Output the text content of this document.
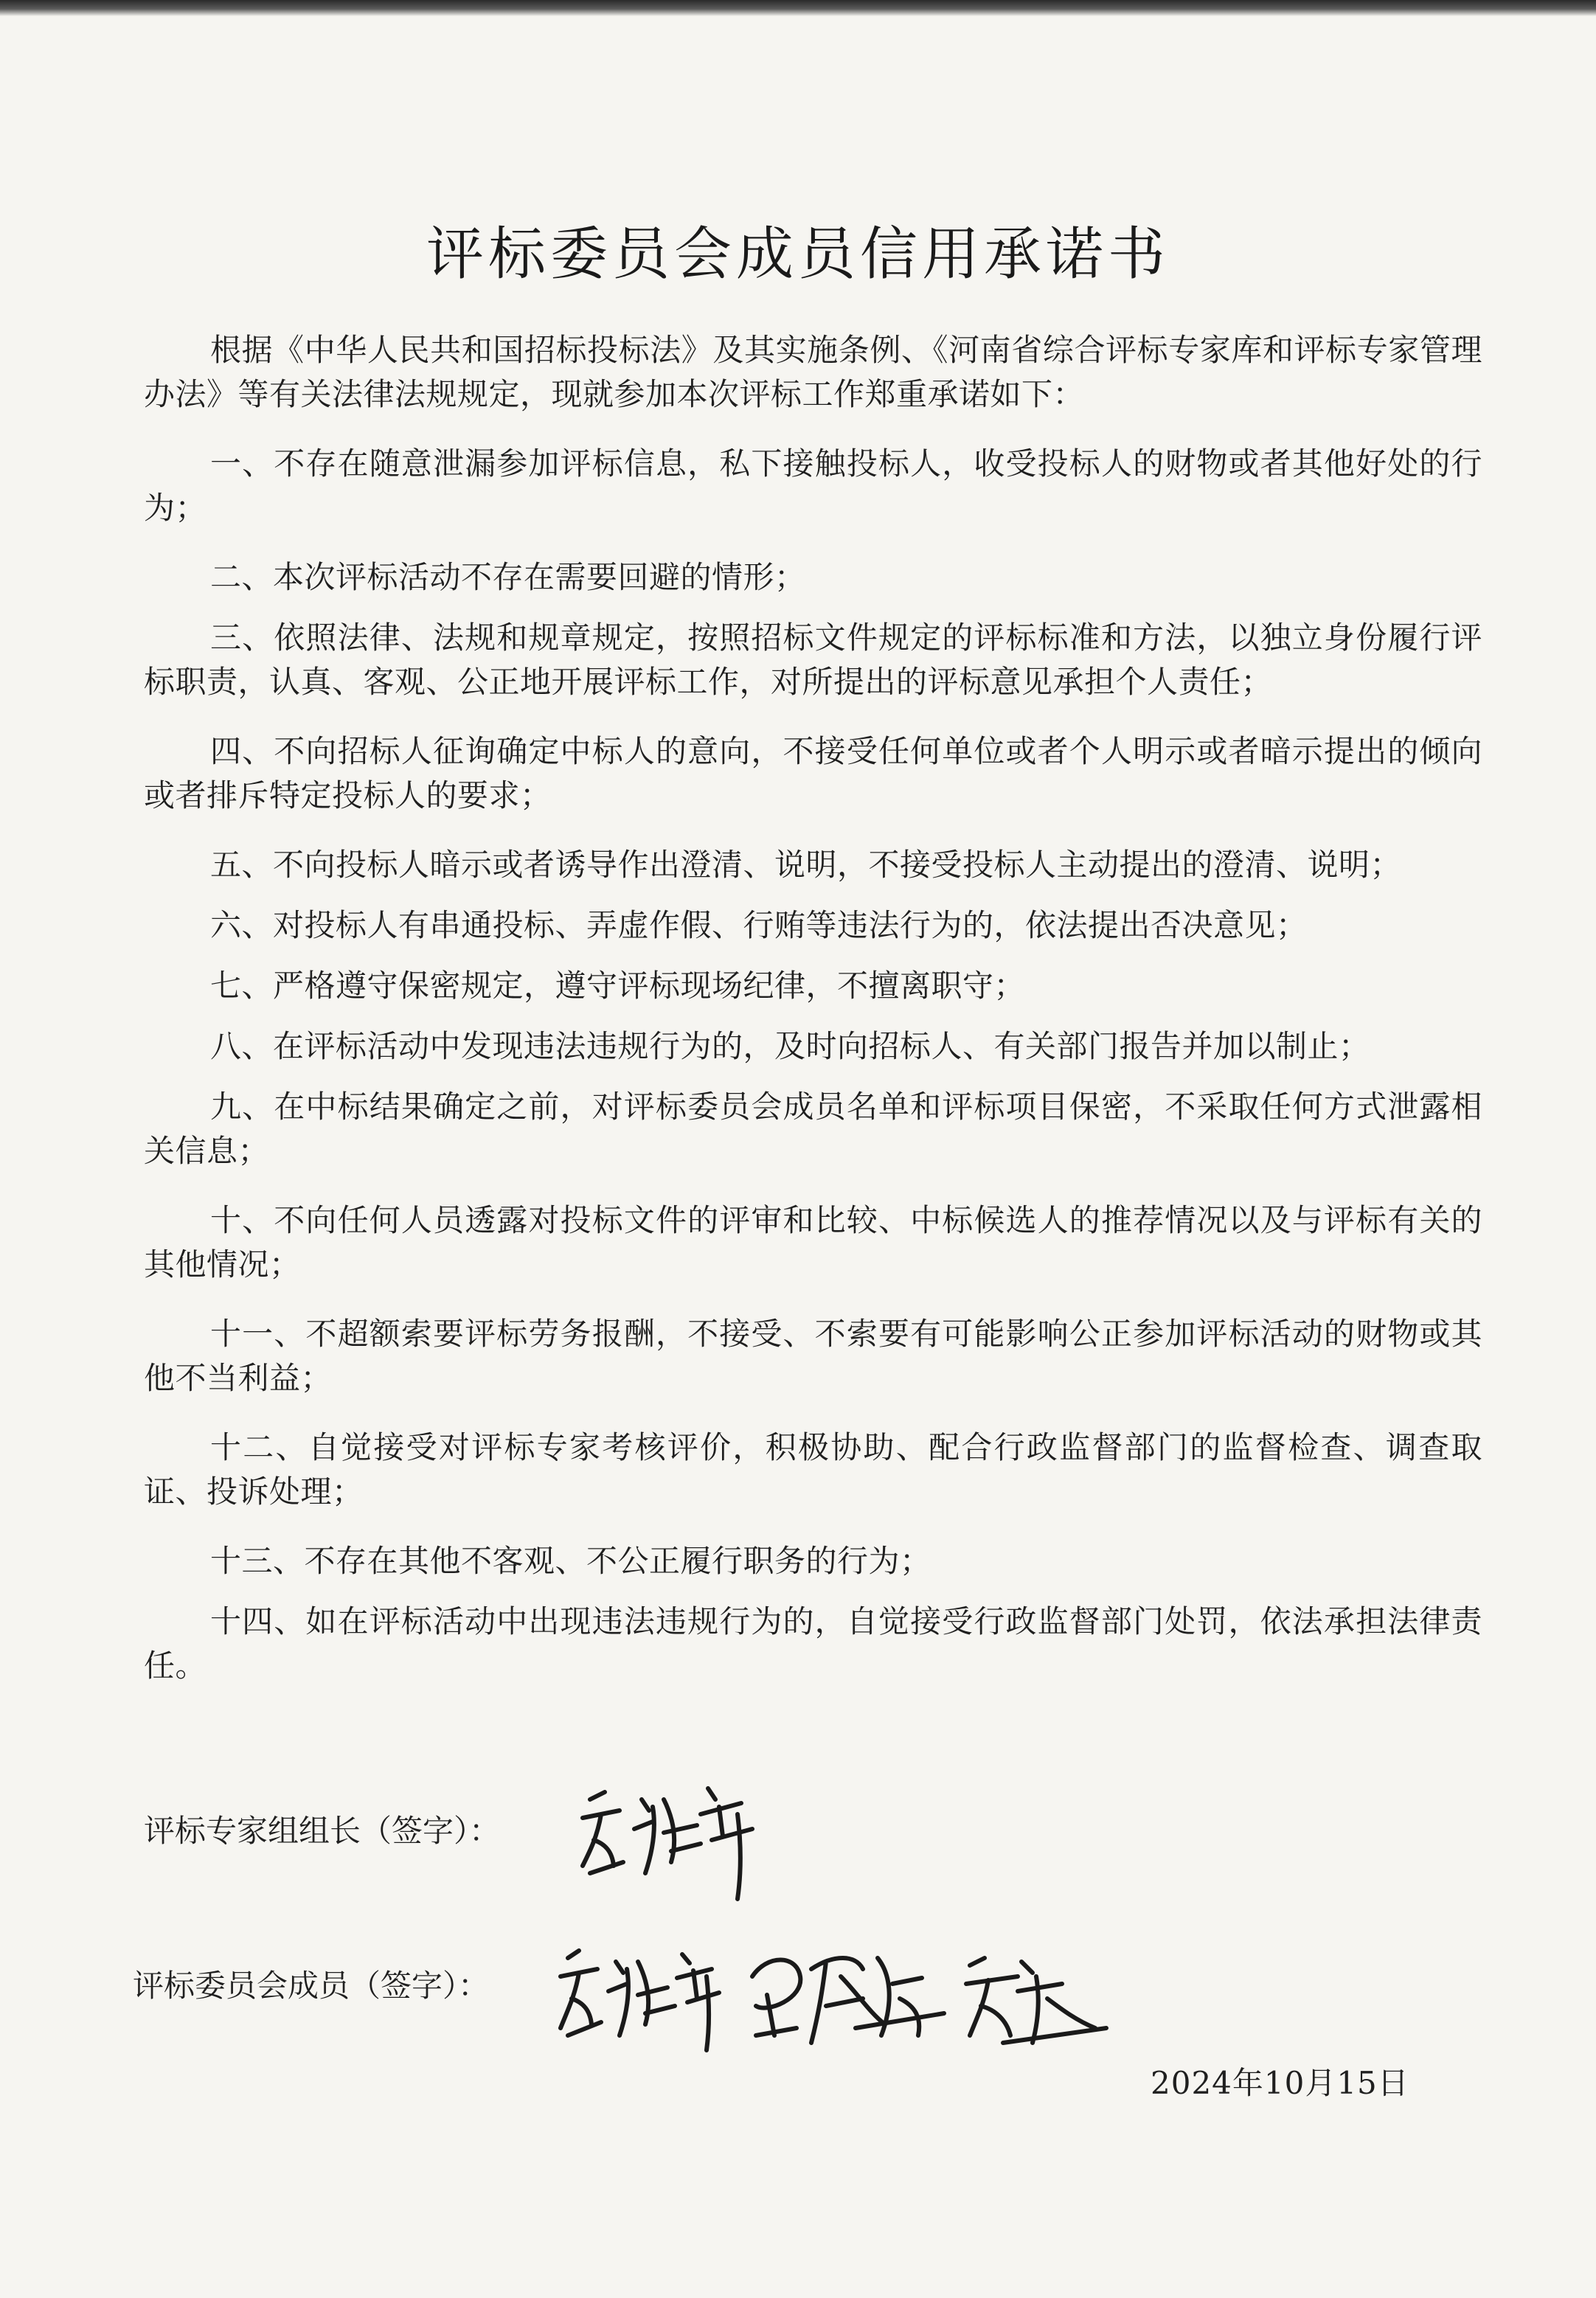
评标委员会成员信用承诺书

根据《中华人民共和国招标投标法》及其实施条例、《河南省综合评标专家库和评标专家管理办法》等有关法律法规规定，现就参加本次评标工作郑重承诺如下：

一、不存在随意泄漏参加评标信息，私下接触投标人，收受投标人的财物或者其他好处的行为；

二、本次评标活动不存在需要回避的情形；

三、依照法律、法规和规章规定，按照招标文件规定的评标标准和方法，以独立身份履行评标职责，认真、客观、公正地开展评标工作，对所提出的评标意见承担个人责任；

四、不向招标人征询确定中标人的意向，不接受任何单位或者个人明示或者暗示提出的倾向或者排斥特定投标人的要求；

五、不向投标人暗示或者诱导作出澄清、说明，不接受投标人主动提出的澄清、说明；

六、对投标人有串通投标、弄虚作假、行贿等违法行为的，依法提出否决意见；

七、严格遵守保密规定，遵守评标现场纪律，不擅离职守；

八、在评标活动中发现违法违规行为的，及时向招标人、有关部门报告并加以制止；

九、在中标结果确定之前，对评标委员会成员名单和评标项目保密，不采取任何方式泄露相关信息；

十、不向任何人员透露对投标文件的评审和比较、中标候选人的推荐情况以及与评标有关的其他情况；

十一、不超额索要评标劳务报酬，不接受、不索要有可能影响公正参加评标活动的财物或其他不当利益；

十二、自觉接受对评标专家考核评价，积极协助、配合行政监督部门的监督检查、调查取证、投诉处理；

十三、不存在其他不客观、不公正履行职务的行为；

十四、如在评标活动中出现违法违规行为的，自觉接受行政监督部门处罚，依法承担法律责任。

评标专家组组长（签字）：
评标委员会成员（签字）：
2024年10月15日
